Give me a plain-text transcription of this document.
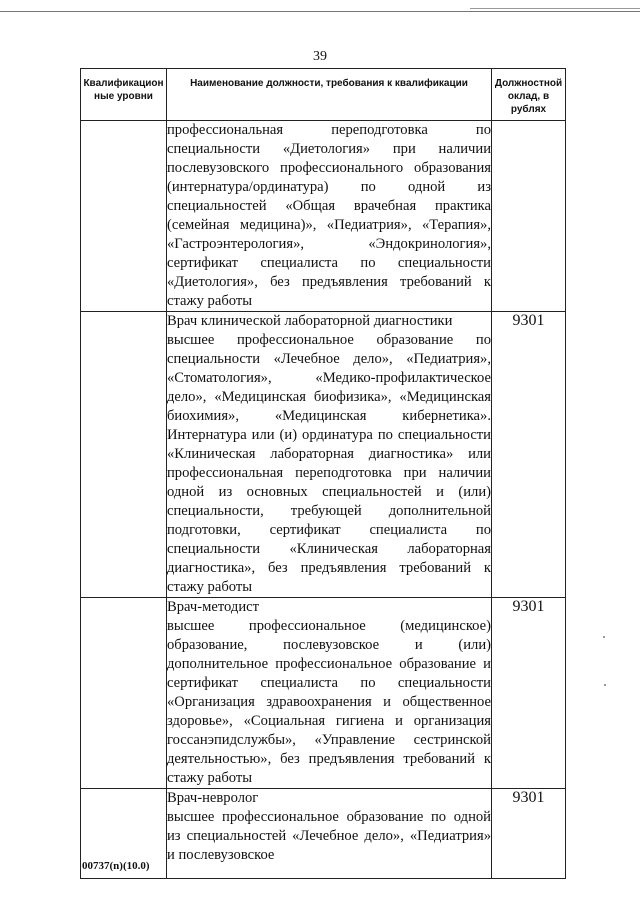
39
Квалификацион ные уровни	Наименование должности, требования к квалификации	Должностной оклад, в рублях

	профессиональная переподготовка по специальности «Диетология» при наличии послевузовского профессионального образования (интернатура/ординатура) по одной из специальностей «Общая врачебная практика (семейная медицина)», «Педиатрия», «Терапия», «Гастроэнтерология», «Эндокринология», сертификат специалиста по специальности «Диетология», без предъявления требований к стажу работы	

	Врач клинической лабораторной диагностики
высшее профессиональное образование по специальности «Лечебное дело», «Педиатрия», «Стоматология», «Медико-профилактическое дело», «Медицинская биофизика», «Медицинская биохимия», «Медицинская кибернетика». Интернатура или (и) ординатура по специальности «Клиническая лабораторная диагностика» или профессиональная переподготовка при наличии одной из основных специальностей и (или) специальности, требующей дополнительной подготовки, сертификат специалиста по специальности «Клиническая лабораторная диагностика», без предъявления требований к стажу работы	9301

	Врач-методист
высшее профессиональное (медицинское) образование, послевузовское и (или) дополнительное профессиональное образование и сертификат специалиста по специальности «Организация здравоохранения и общественное здоровье», «Социальная гигиена и организация госсанэпидслужбы», «Управление сестринской деятельностью», без предъявления требований к стажу работы	9301

	Врач-невролог
высшее профессиональное образование по одной из специальностей «Лечебное дело», «Педиатрия» и послевузовское	9301
00737(n)(10.0)
